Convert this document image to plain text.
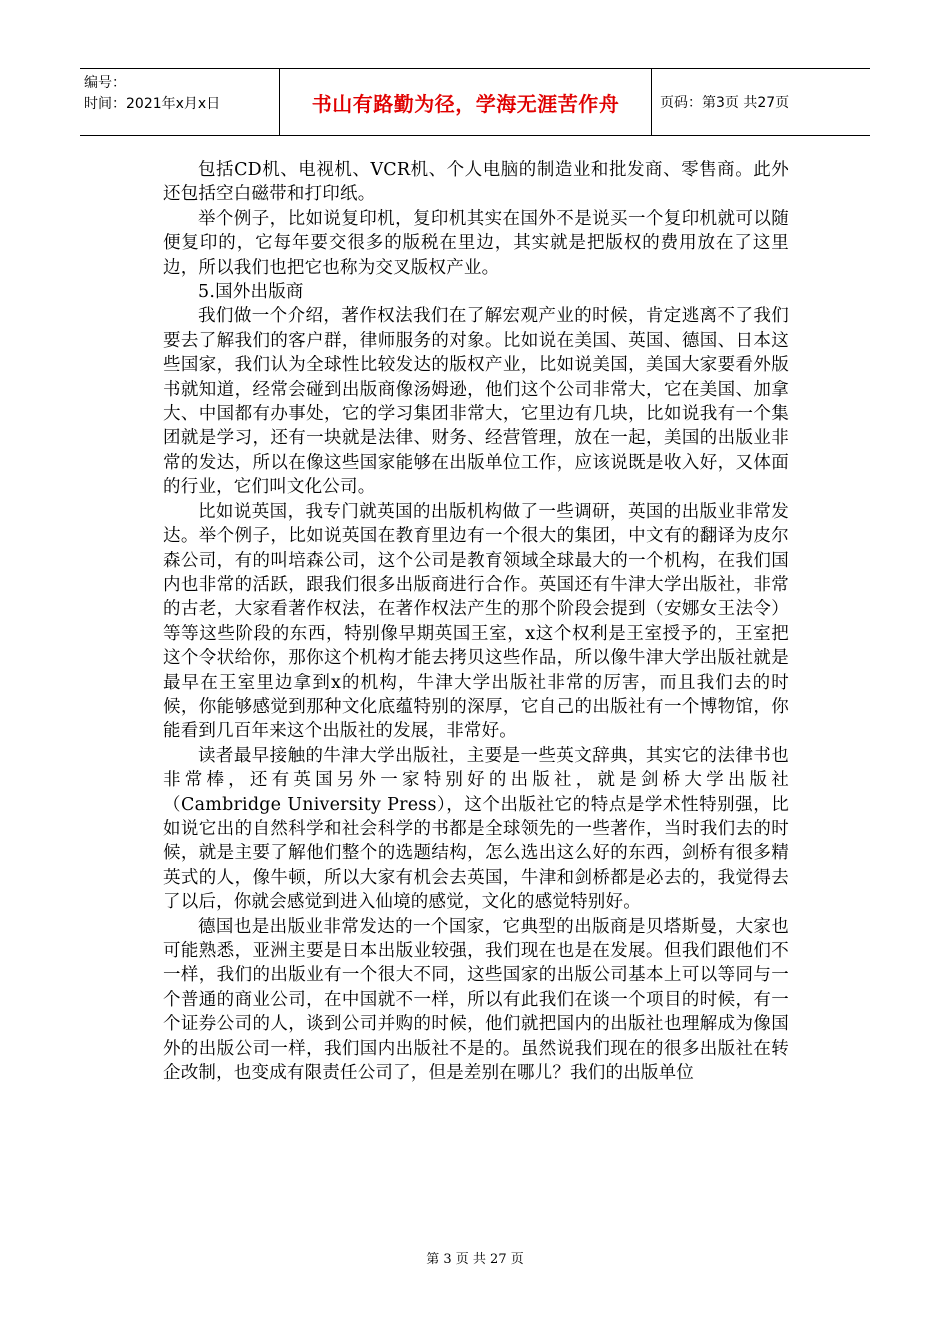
编号：
时间：2021年x月x日	书山有路勤为径，学海无涯苦作舟	页码：第3页 共27页

包括CD机、电视机、VCR机、个人电脑的制造业和批发商、零售商。此外还包括空白磁带和打印纸。

举个例子，比如说复印机，复印机其实在国外不是说买一个复印机就可以随便复印的，它每年要交很多的版税在里边，其实就是把版权的费用放在了这里边，所以我们也把它也称为交叉版权产业。

5.国外出版商

我们做一个介绍，著作权法我们在了解宏观产业的时候，肯定逃离不了我们要去了解我们的客户群，律师服务的对象。比如说在美国、英国、德国、日本这些国家，我们认为全球性比较发达的版权产业，比如说美国，美国大家要看外版书就知道，经常会碰到出版商像汤姆逊，他们这个公司非常大，它在美国、加拿大、中国都有办事处，它的学习集团非常大，它里边有几块，比如说我有一个集团就是学习，还有一块就是法律、财务、经营管理，放在一起，美国的出版业非常的发达，所以在像这些国家能够在出版单位工作，应该说既是收入好，又体面的行业，它们叫文化公司。

比如说英国，我专门就英国的出版机构做了一些调研，英国的出版业非常发达。举个例子，比如说英国在教育里边有一个很大的集团，中文有的翻译为皮尔森公司，有的叫培森公司，这个公司是教育领域全球最大的一个机构，在我们国内也非常的活跃，跟我们很多出版商进行合作。英国还有牛津大学出版社，非常的古老，大家看著作权法，在著作权法产生的那个阶段会提到（安娜女王法令）等等这些阶段的东西，特别像早期英国王室，x这个权利是王室授予的，王室把这个令状给你，那你这个机构才能去拷贝这些作品，所以像牛津大学出版社就是最早在王室里边拿到x的机构，牛津大学出版社非常的厉害，而且我们去的时候，你能够感觉到那种文化底蕴特别的深厚，它自己的出版社有一个博物馆，你能看到几百年来这个出版社的发展，非常好。

读者最早接触的牛津大学出版社，主要是一些英文辞典，其实它的法律书也非常棒，还有英国另外一家特别好的出版社，就是剑桥大学出版社（Cambridge University Press），这个出版社它的特点是学术性特别强，比如说它出的自然科学和社会科学的书都是全球领先的一些著作，当时我们去的时候，就是主要了解他们整个的选题结构，怎么选出这么好的东西，剑桥有很多精英式的人，像牛顿，所以大家有机会去英国，牛津和剑桥都是必去的，我觉得去了以后，你就会感觉到进入仙境的感觉，文化的感觉特别好。

德国也是出版业非常发达的一个国家，它典型的出版商是贝塔斯曼，大家也可能熟悉，亚洲主要是日本出版业较强，我们现在也是在发展。但我们跟他们不一样，我们的出版业有一个很大不同，这些国家的出版公司基本上可以等同与一个普通的商业公司，在中国就不一样，所以有此我们在谈一个项目的时候，有一个证券公司的人，谈到公司并购的时候，他们就把国内的出版社也理解成为像国外的出版公司一样，我们国内出版社不是的。虽然说我们现在的很多出版社在转企改制，也变成有限责任公司了，但是差别在哪儿？我们的出版单位

第 3 页 共 27 页
